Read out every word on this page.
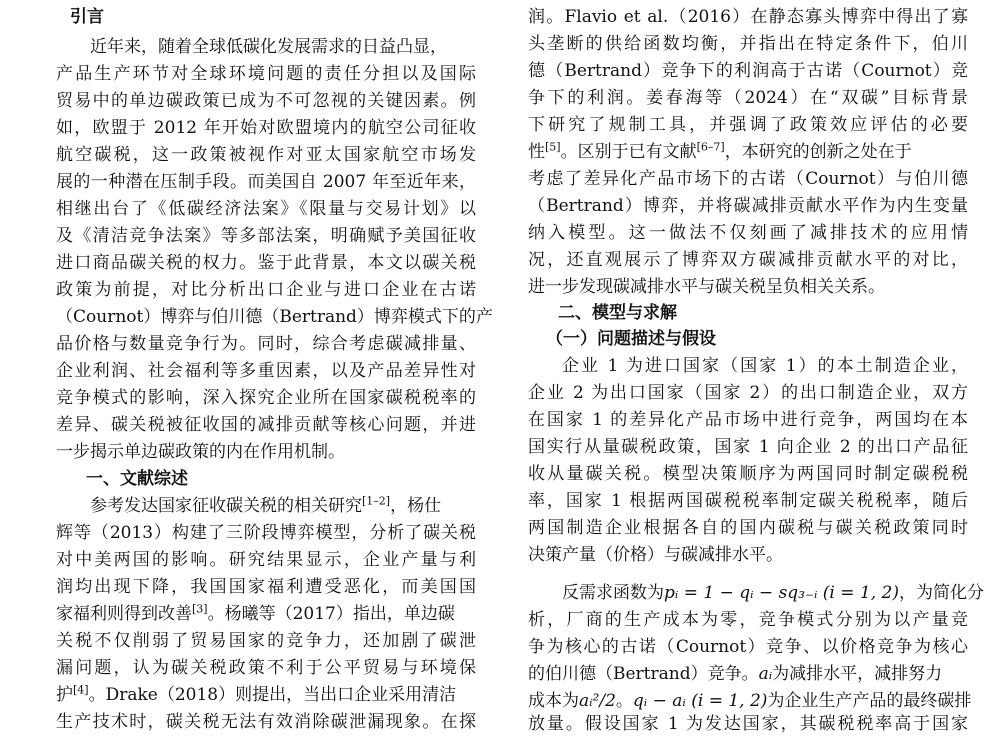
引言
近年来，随着全球低碳化发展需求的日益凸显，
产品生产环节对全球环境问题的责任分担以及国际
贸易中的单边碳政策已成为不可忽视的关键因素。例
如，欧盟于 2012 年开始对欧盟境内的航空公司征收
航空碳税，这一政策被视作对亚太国家航空市场发
展的一种潜在压制手段。而美国自 2007 年至近年来，
相继出台了《低碳经济法案》《限量与交易计划》以
及《清洁竞争法案》等多部法案，明确赋予美国征收
进口商品碳关税的权力。鉴于此背景，本文以碳关税
政策为前提，对比分析出口企业与进口企业在古诺
（Cournot）博弈与伯川德（Bertrand）博弈模式下的产
品价格与数量竞争行为。同时，综合考虑碳减排量、
企业利润、社会福利等多重因素，以及产品差异性对
竞争模式的影响，深入探究企业所在国家碳税税率的
差异、碳关税被征收国的减排贡献等核心问题，并进
一步揭示单边碳政策的内在作用机制。
一、文献综述
参考发达国家征收碳关税的相关研究[1–2]，杨仕
辉等（2013）构建了三阶段博弈模型，分析了碳关税
对中美两国的影响。研究结果显示，企业产量与利
润均出现下降，我国国家福利遭受恶化，而美国国
家福利则得到改善[3]。杨曦等（2017）指出，单边碳
关税不仅削弱了贸易国家的竞争力，还加剧了碳泄
漏问题，认为碳关税政策不利于公平贸易与环境保
护[4]。Drake（2018）则提出，当出口企业采用清洁
生产技术时，碳关税无法有效消除碳泄漏现象。在探
润。Flavio et al.（2016）在静态寡头博弈中得出了寡
头垄断的供给函数均衡，并指出在特定条件下，伯川
德（Bertrand）竞争下的利润高于古诺（Cournot）竞
争下的利润。姜春海等（2024）在“双碳”目标背景
下研究了规制工具，并强调了政策效应评估的必要
性[5]。区别于已有文献[6–7]，本研究的创新之处在于
考虑了差异化产品市场下的古诺（Cournot）与伯川德
（Bertrand）博弈，并将碳减排贡献水平作为内生变量
纳入模型。这一做法不仅刻画了减排技术的应用情
况，还直观展示了博弈双方碳减排贡献水平的对比，
进一步发现碳减排水平与碳关税呈负相关关系。
二、模型与求解
（一）问题描述与假设
企业 1 为进口国家（国家 1）的本土制造企业，
企业 2 为出口国家（国家 2）的出口制造企业，双方
在国家 1 的差异化产品市场中进行竞争，两国均在本
国实行从量碳税政策，国家 1 向企业 2 的出口产品征
收从量碳关税。模型决策顺序为两国同时制定碳税税
率，国家 1 根据两国碳税税率制定碳关税税率，随后
两国制造企业根据各自的国内碳税与碳关税政策同时
决策产量（价格）与碳减排水平。
反需求函数为pᵢ = 1 − qᵢ − sq₃₋ᵢ (i = 1, 2)，为简化分
析，厂商的生产成本为零，竞争模式分别为以产量竞
争为核心的古诺（Cournot）竞争、以价格竞争为核心
的伯川德（Bertrand）竞争。aᵢ为减排水平，减排努力
成本为aᵢ²/2。qᵢ − aᵢ (i = 1, 2)为企业生产产品的最终碳排
放量。假设国家 1 为发达国家，其碳税税率高于国家
